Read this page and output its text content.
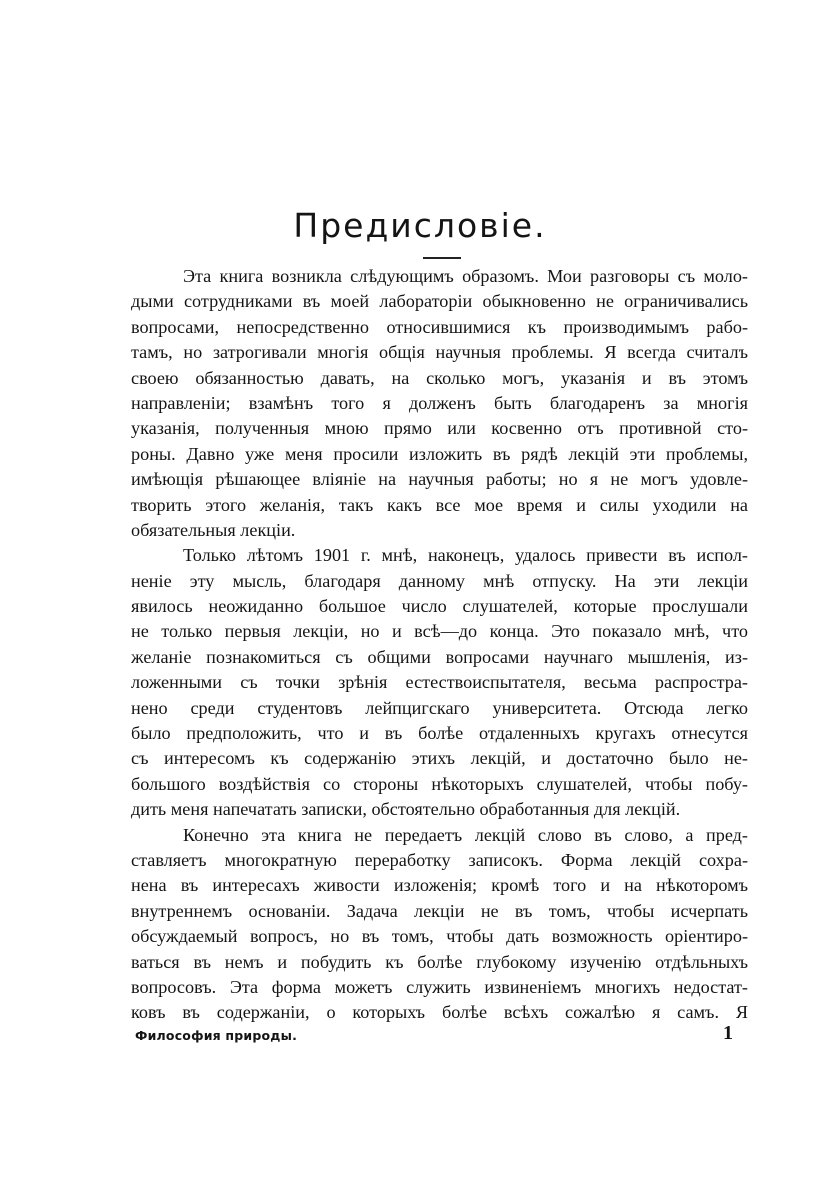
Предисловіе.
Эта книга возникла слѣдующимъ образомъ. Мои разговоры съ моло-
дыми сотрудниками въ моей лабораторіи обыкновенно не ограничивались
вопросами, непосредственно относившимися къ производимымъ рабо-
тамъ, но затрогивали многія общія научныя проблемы. Я всегда считалъ
своею обязанностью давать, на сколько могъ, указанія и въ этомъ
направленіи; взамѣнъ того я долженъ быть благодаренъ за многія
указанія, полученныя мною прямо или косвенно отъ противной сто-
роны. Давно уже меня просили изложить въ рядѣ лекцій эти проблемы,
имѣющія рѣшающее вліяніе на научныя работы; но я не могъ удовле-
творить этого желанія, такъ какъ все мое время и силы уходили на
обязательныя лекціи.
Только лѣтомъ 1901 г. мнѣ, наконецъ, удалось привести въ испол-
неніе эту мысль, благодаря данному мнѣ отпуску. На эти лекціи
явилось неожиданно большое число слушателей, которые прослушали
не только первыя лекціи, но и всѣ—до конца. Это показало мнѣ, что
желаніе познакомиться съ общими вопросами научнаго мышленія, из-
ложенными съ точки зрѣнія естествоиспытателя, весьма распростра-
нено среди студентовъ лейпцигскаго университета. Отсюда легко
было предположить, что и въ болѣе отдаленныхъ кругахъ отнесутся
съ интересомъ къ содержанію этихъ лекцій, и достаточно было не-
большого воздѣйствія со стороны нѣкоторыхъ слушателей, чтобы побу-
дить меня напечатать записки, обстоятельно обработанныя для лекцій.
Конечно эта книга не передаетъ лекцій слово въ слово, а пред-
ставляетъ многократную переработку записокъ. Форма лекцій сохра-
нена въ интересахъ живости изложенія; кромѣ того и на нѣкоторомъ
внутреннемъ основаніи. Задача лекціи не въ томъ, чтобы исчерпать
обсуждаемый вопросъ, но въ томъ, чтобы дать возможность оріентиро-
ваться въ немъ и побудить къ болѣе глубокому изученію отдѣльныхъ
вопросовъ. Эта форма можетъ служить извиненіемъ многихъ недостат-
ковъ въ содержаніи, о которыхъ болѣе всѣхъ сожалѣю я самъ. Я
Философия природы.	1
